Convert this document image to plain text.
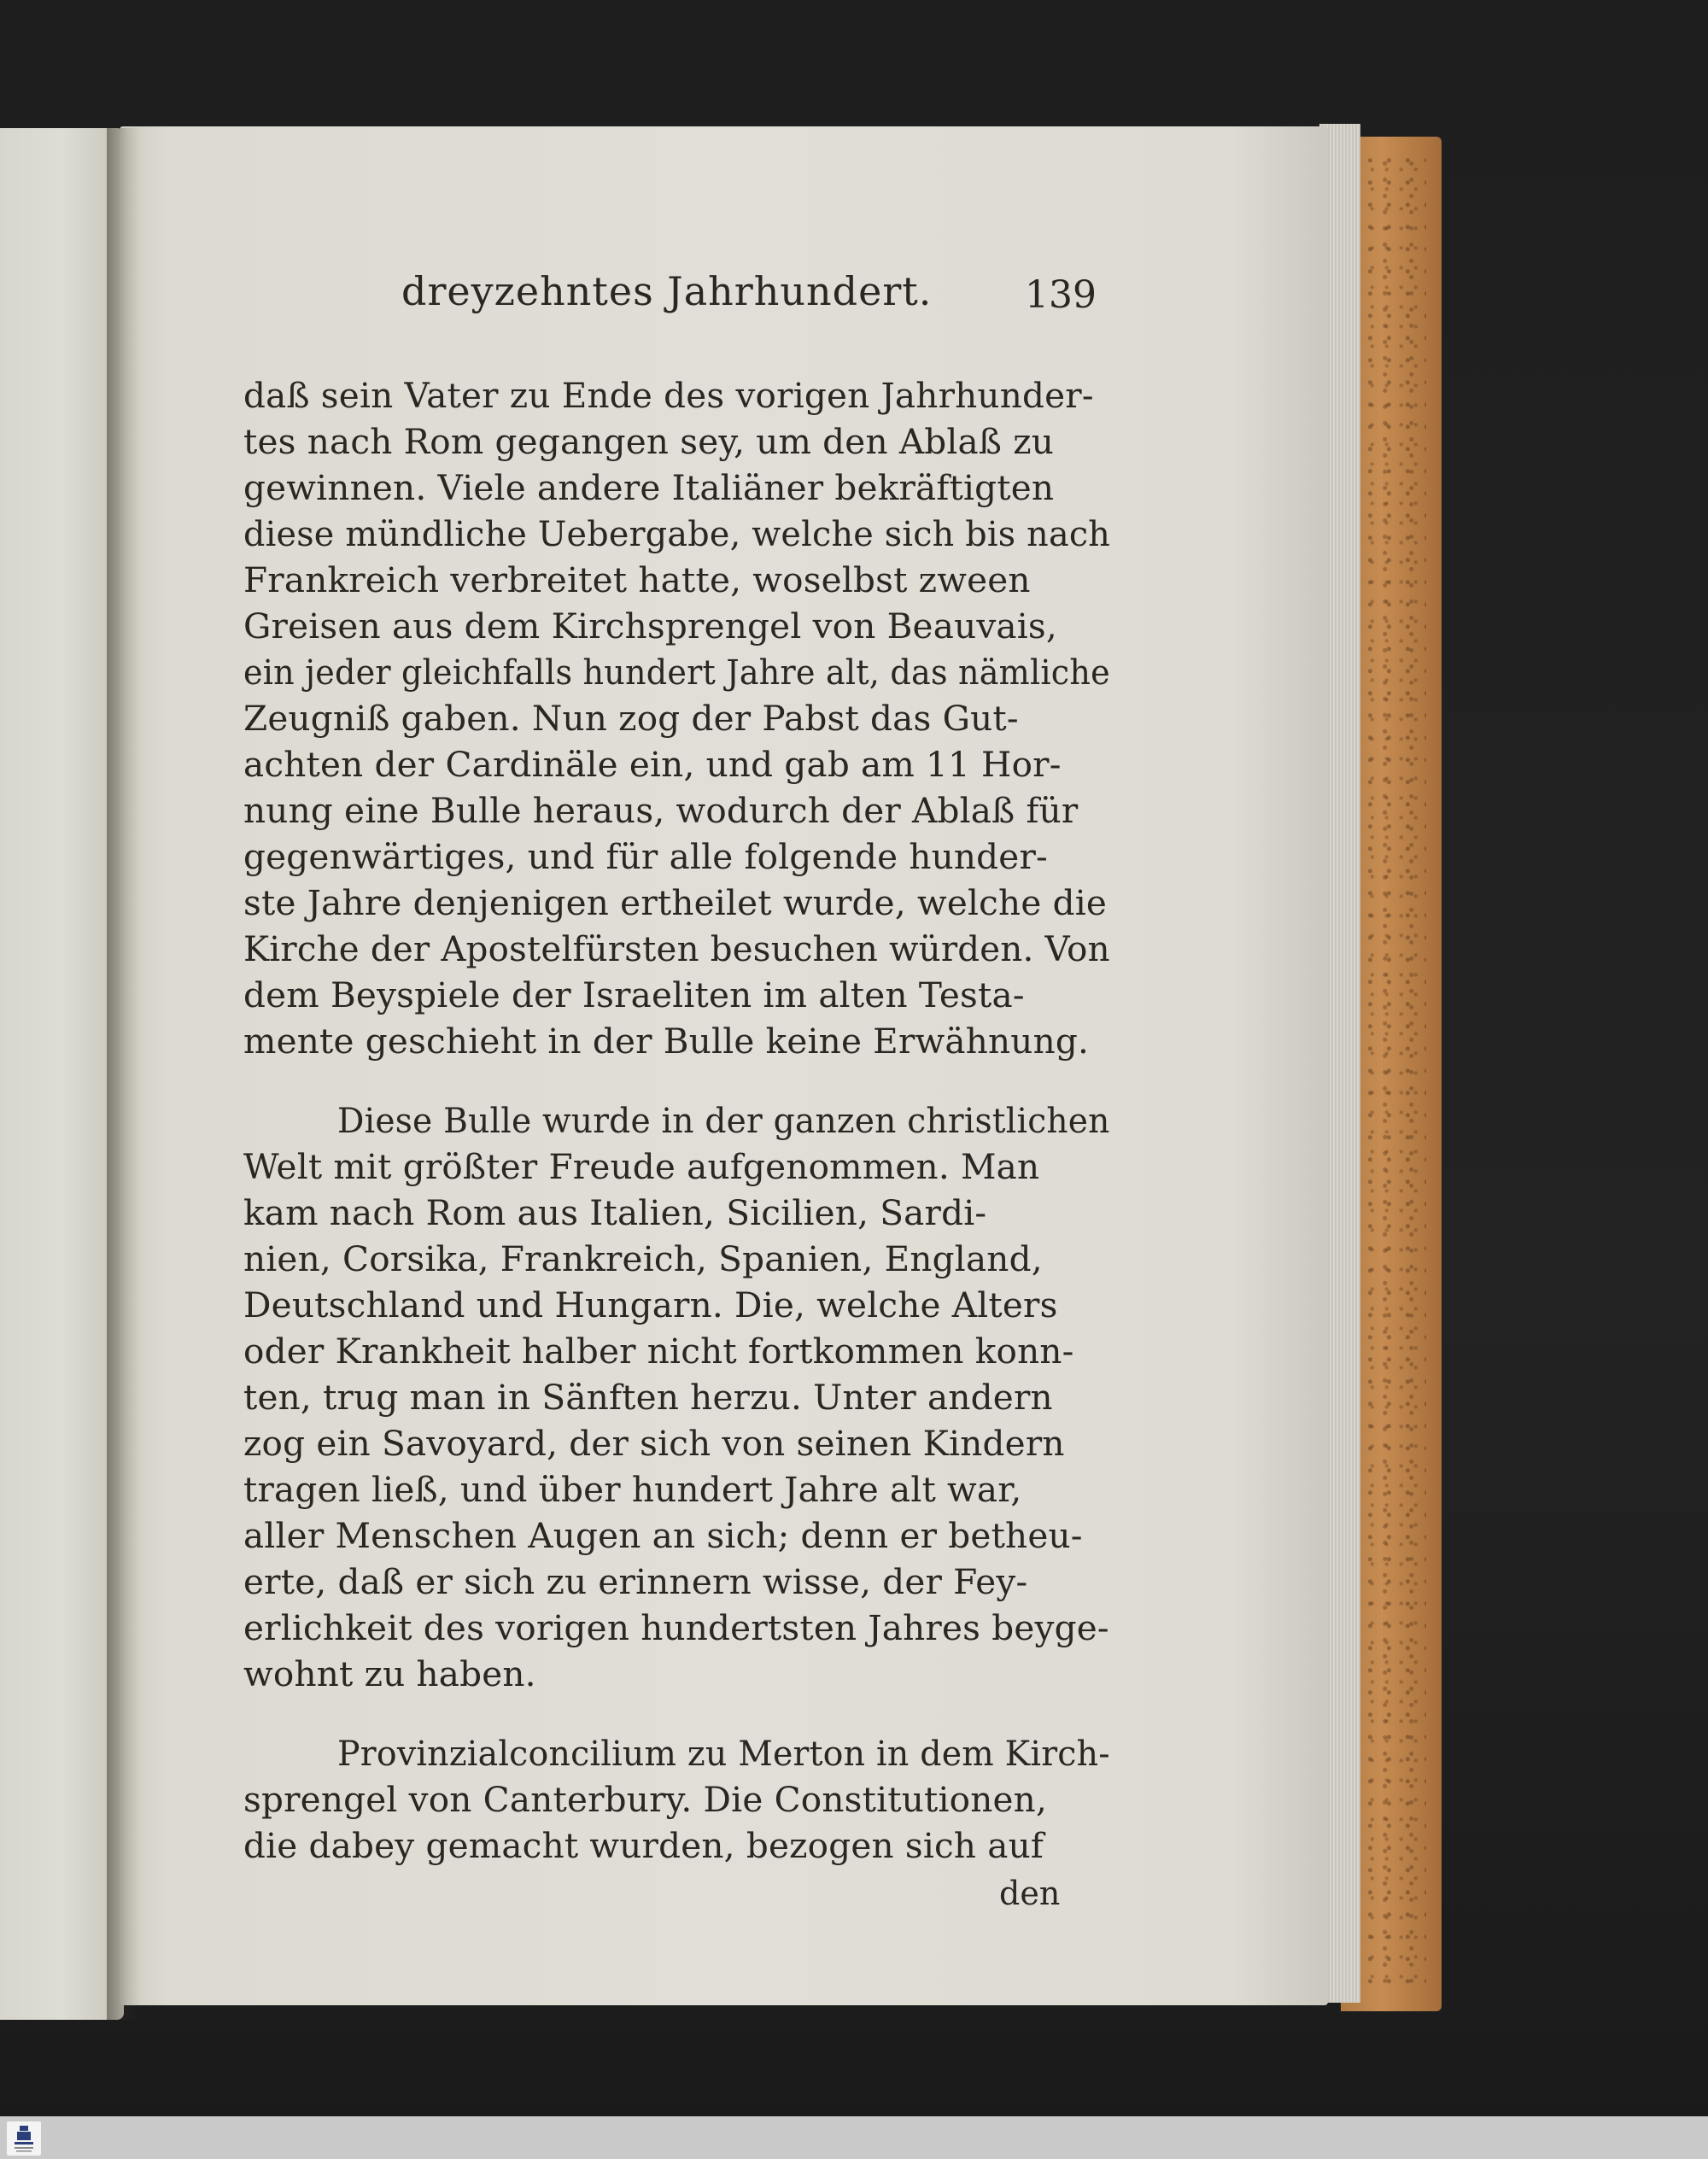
dreyzehntes Jahrhundert. 139

daß sein Vater zu Ende des vorigen Jahrhunder-

tes nach Rom gegangen sey, um den Ablaß zu

gewinnen. Viele andere Italiäner bekräftigten

diese mündliche Uebergabe, welche sich bis nach

Frankreich verbreitet hatte, woselbst zween

Greisen aus dem Kirchsprengel von Beauvais,

ein jeder gleichfalls hundert Jahre alt, das nämliche

Zeugniß gaben. Nun zog der Pabst das Gut-

achten der Cardinäle ein, und gab am 11 Hor-

nung eine Bulle heraus, wodurch der Ablaß für

gegenwärtiges, und für alle folgende hunder-

ste Jahre denjenigen ertheilet wurde, welche die

Kirche der Apostelfürsten besuchen würden. Von

dem Beyspiele der Israeliten im alten Testa-

mente geschieht in der Bulle keine Erwähnung.

Diese Bulle wurde in der ganzen christlichen

Welt mit größter Freude aufgenommen. Man

kam nach Rom aus Italien, Sicilien, Sardi-

nien, Corsika, Frankreich, Spanien, England,

Deutschland und Hungarn. Die, welche Alters

oder Krankheit halber nicht fortkommen konn-

ten, trug man in Sänften herzu. Unter andern

zog ein Savoyard, der sich von seinen Kindern

tragen ließ, und über hundert Jahre alt war,

aller Menschen Augen an sich; denn er betheu-

erte, daß er sich zu erinnern wisse, der Fey-

erlichkeit des vorigen hundertsten Jahres beyge-

wohnt zu haben.

Provinzialconcilium zu Merton in dem Kirch-

sprengel von Canterbury. Die Constitutionen,

die dabey gemacht wurden, bezogen sich auf

den
